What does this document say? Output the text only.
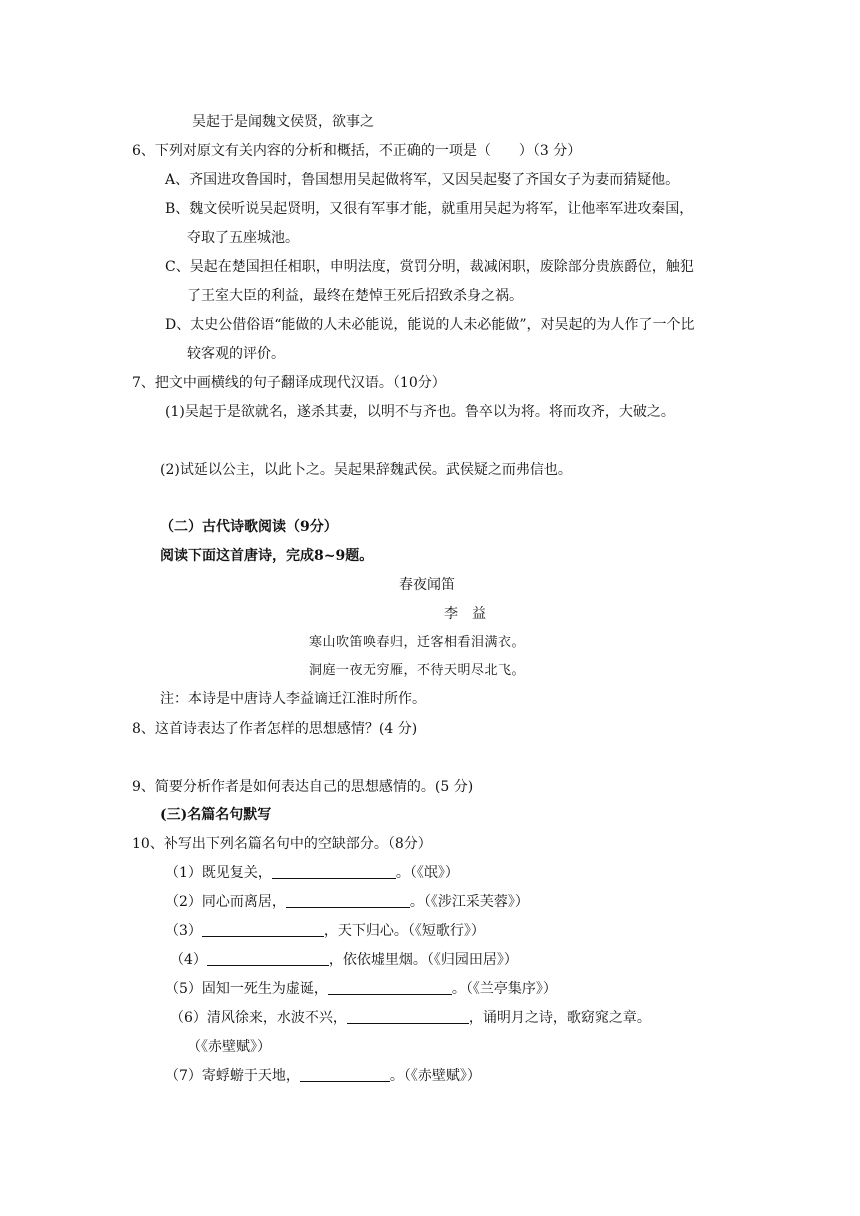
吴起于是闻魏文侯贤，欲事之
6、下列对原文有关内容的分析和概括，不正确的一项是（　　）（3 分）
A、齐国进攻鲁国时，鲁国想用吴起做将军，又因吴起娶了齐国女子为妻而猜疑他。
B、魏文侯听说吴起贤明，又很有军事才能，就重用吴起为将军，让他率军进攻秦国，
夺取了五座城池。
C、吴起在楚国担任相职，申明法度，赏罚分明，裁减闲职，废除部分贵族爵位，触犯
了王室大臣的利益，最终在楚悼王死后招致杀身之祸。
D、太史公借俗语“能做的人未必能说，能说的人未必能做”，对吴起的为人作了一个比
较客观的评价。
7、把文中画横线的句子翻译成现代汉语。（10分）
(1)吴起于是欲就名，遂杀其妻，以明不与齐也。鲁卒以为将。将而攻齐，大破之。
(2)试延以公主，以此卜之。吴起果辞魏武侯。武侯疑之而弗信也。
（二）古代诗歌阅读（9分）
阅读下面这首唐诗，完成8~9题。
春夜闻笛
李　益
寒山吹笛唤春归，迁客相看泪满衣。
洞庭一夜无穷雁，不待天明尽北飞。
注：本诗是中唐诗人李益谪迁江淮时所作。
8、这首诗表达了作者怎样的思想感情？(4 分)
9、简要分析作者是如何表达自己的思想感情的。(5 分)
(三)名篇名句默写
10、补写出下列名篇名句中的空缺部分。（8分）
（1）既见复关，	。（《氓》）
（2）同心而离居，	。（《涉江采芙蓉》）
（3）	，天下归心。（《短歌行》）
（4）	，依依墟里烟。（《归园田居》）
（5）固知一死生为虚诞，	。（《兰亭集序》）
（6）清风徐来，水波不兴，	，诵明月之诗，歌窈窕之章。
（《赤壁赋》）
（7）寄蜉蝣于天地，	。（《赤壁赋》）
